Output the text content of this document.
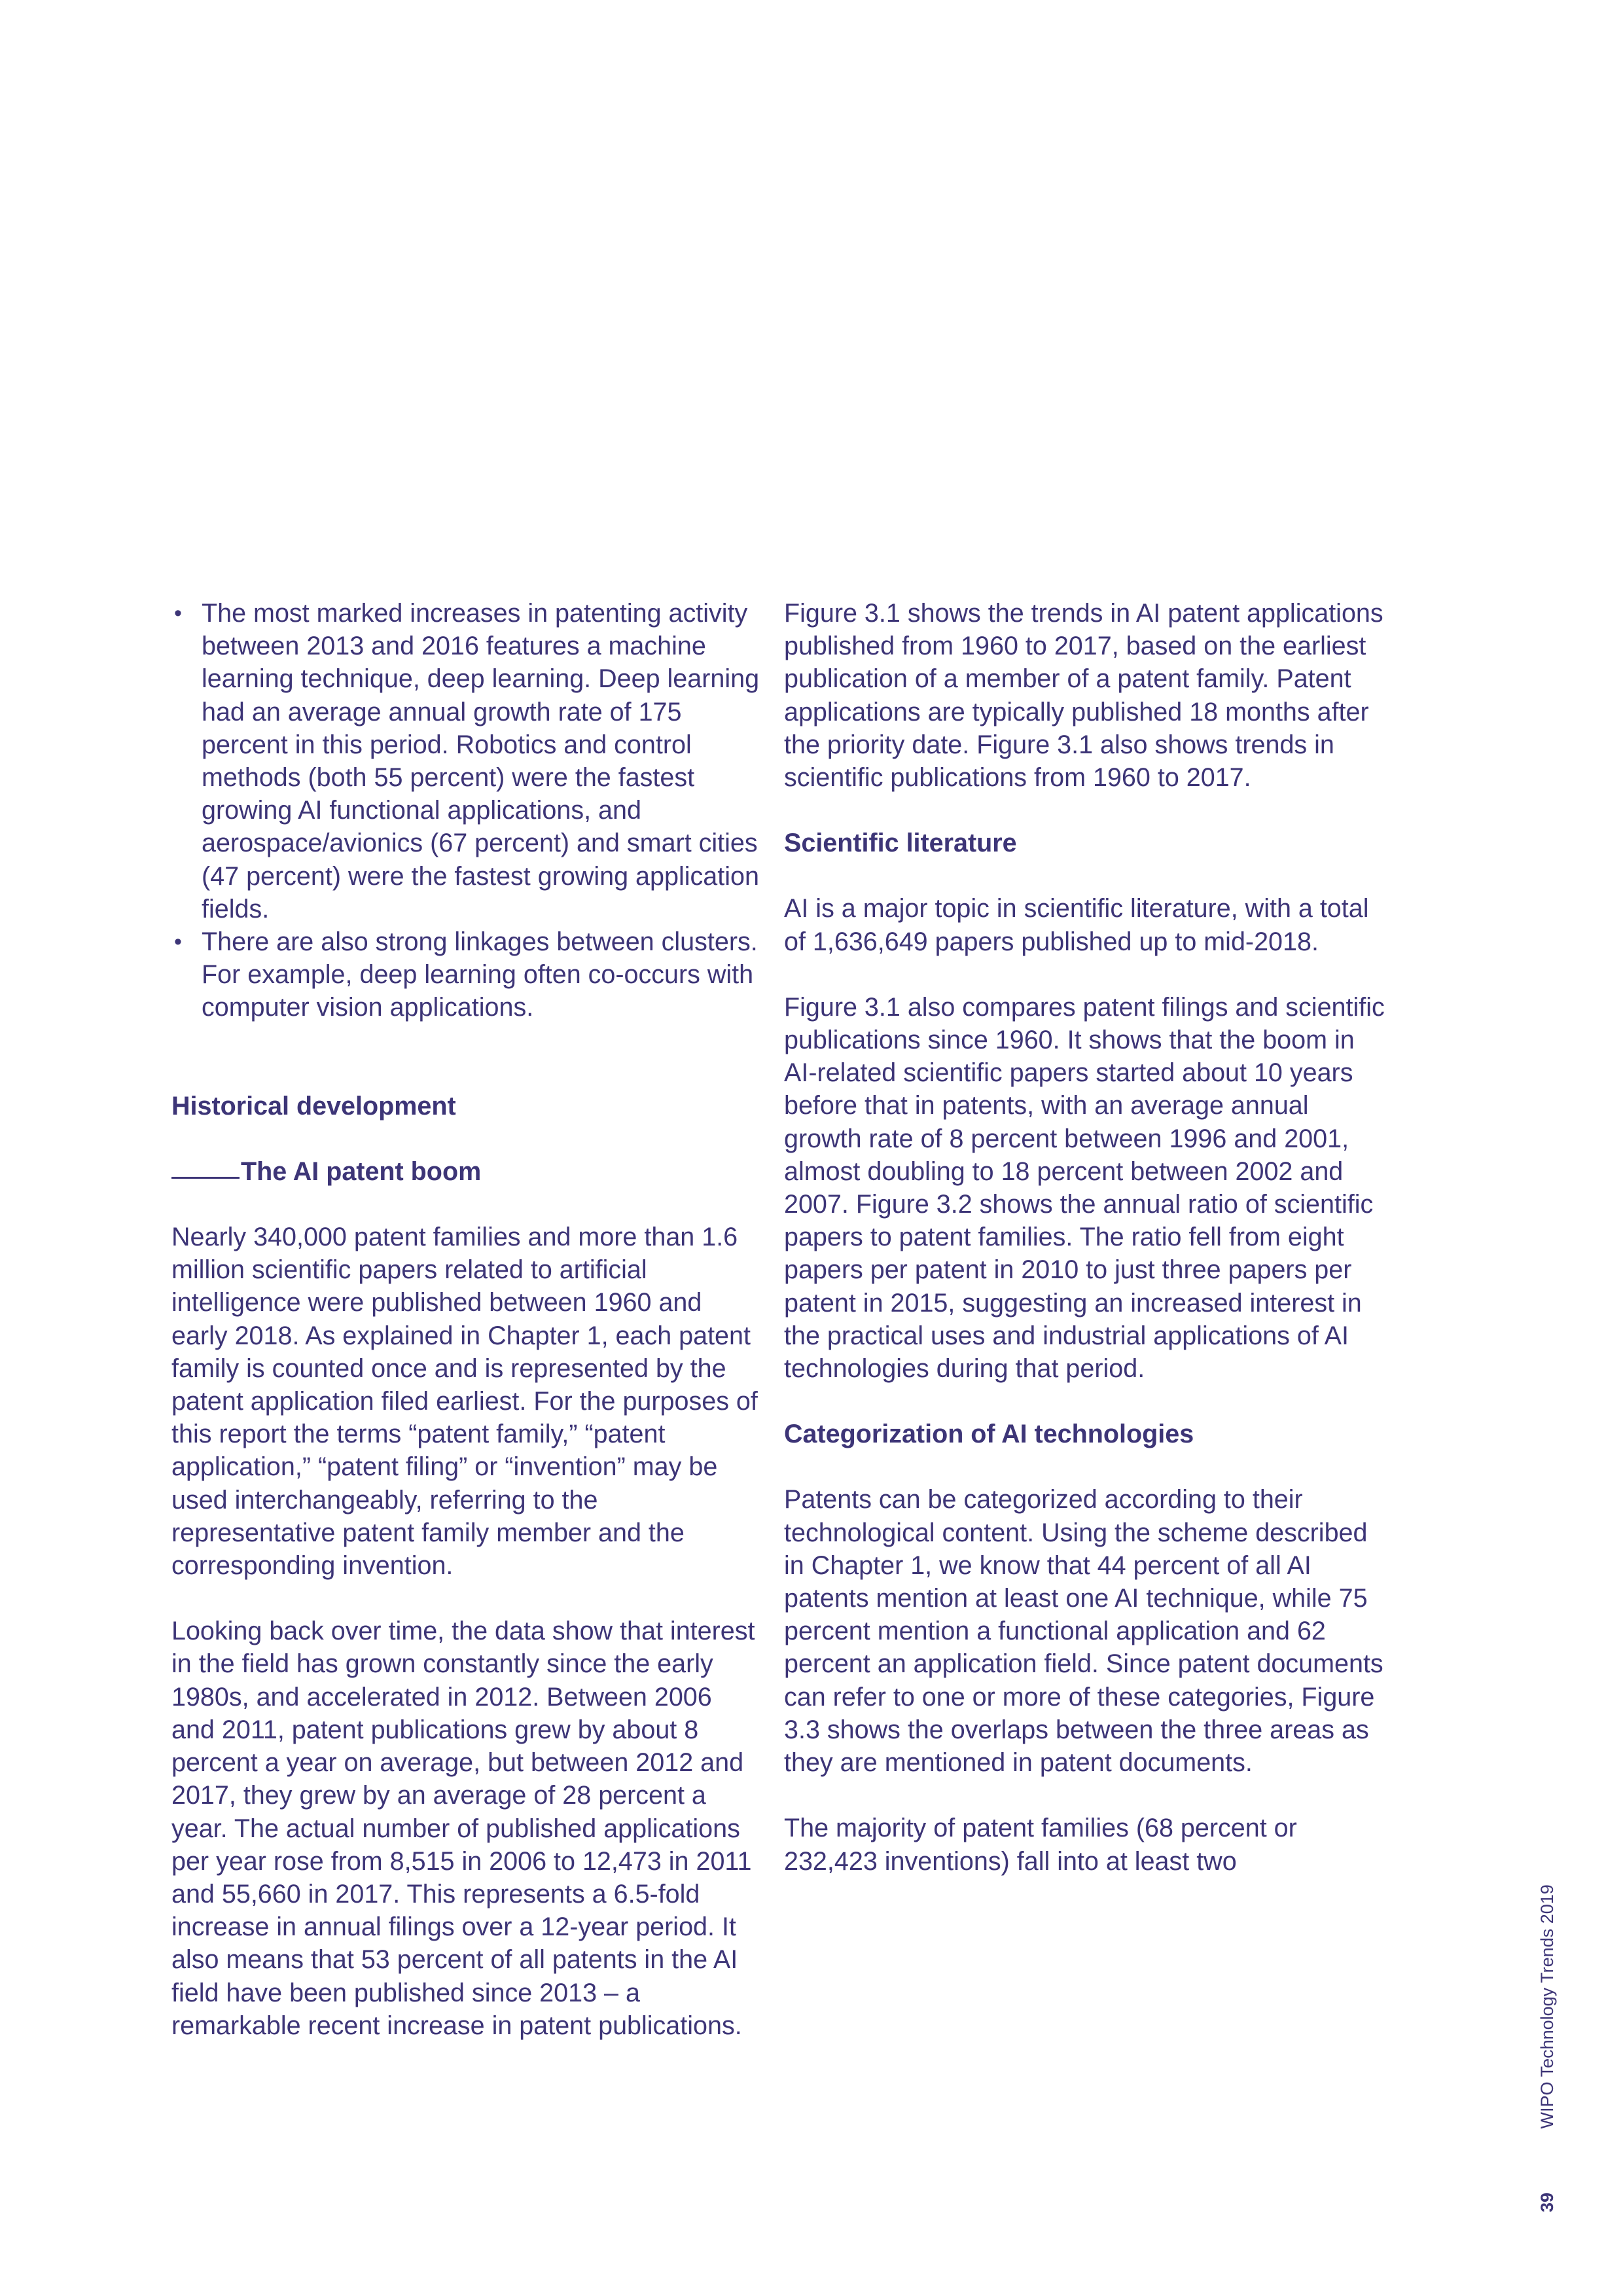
• The most marked increases in patenting activity between 2013 and 2016 features a machine learning technique, deep learning. Deep learning had an average annual growth rate of 175 percent in this period. Robotics and control methods (both 55 percent) were the fastest growing AI functional applications, and aerospace/avionics (67 percent) and smart cities (47 percent) were the fastest growing application fields.
• There are also strong linkages between clusters. For example, deep learning often co-occurs with computer vision applications.
Historical development
The AI patent boom

Nearly 340,000 patent families and more than 1.6 million scientific papers related to artificial intelligence were published between 1960 and early 2018. As explained in Chapter 1, each patent family is counted once and is represented by the patent application filed earliest. For the purposes of this report the terms “patent family,” “patent application,” “patent filing” or “invention” may be used interchangeably, referring to the representative patent family member and the corresponding invention.

Looking back over time, the data show that interest in the field has grown constantly since the early 1980s, and accelerated in 2012. Between 2006 and 2011, patent publications grew by about 8 percent a year on average, but between 2012 and 2017, they grew by an average of 28 percent a year. The actual number of published applications per year rose from 8,515 in 2006 to 12,473 in 2011 and 55,660 in 2017. This represents a 6.5-fold increase in annual filings over a 12-year period. It also means that 53 percent of all patents in the AI field have been published since 2013 – a remarkable recent increase in patent publications.

Figure 3.1 shows the trends in AI patent applications published from 1960 to 2017, based on the earliest publication of a member of a patent family. Patent applications are typically published 18 months after the priority date. Figure 3.1 also shows trends in scientific publications from 1960 to 2017.

Scientific literature

AI is a major topic in scientific literature, with a total of 1,636,649 papers published up to mid-2018.

Figure 3.1 also compares patent filings and scientific publications since 1960. It shows that the boom in AI-related scientific papers started about 10 years before that in patents, with an average annual growth rate of 8 percent between 1996 and 2001, almost doubling to 18 percent between 2002 and 2007. Figure 3.2 shows the annual ratio of scientific papers to patent families. The ratio fell from eight papers per patent in 2010 to just three papers per patent in 2015, suggesting an increased interest in the practical uses and industrial applications of AI technologies during that period.

Categorization of AI technologies

Patents can be categorized according to their technological content. Using the scheme described in Chapter 1, we know that 44 percent of all AI patents mention at least one AI technique, while 75 percent mention a functional application and 62 percent an application field. Since patent documents can refer to one or more of these categories, Figure 3.3 shows the overlaps between the three areas as they are mentioned in patent documents.

The majority of patent families (68 percent or 232,423 inventions) fall into at least two

39 WIPO Technology Trends 2019
